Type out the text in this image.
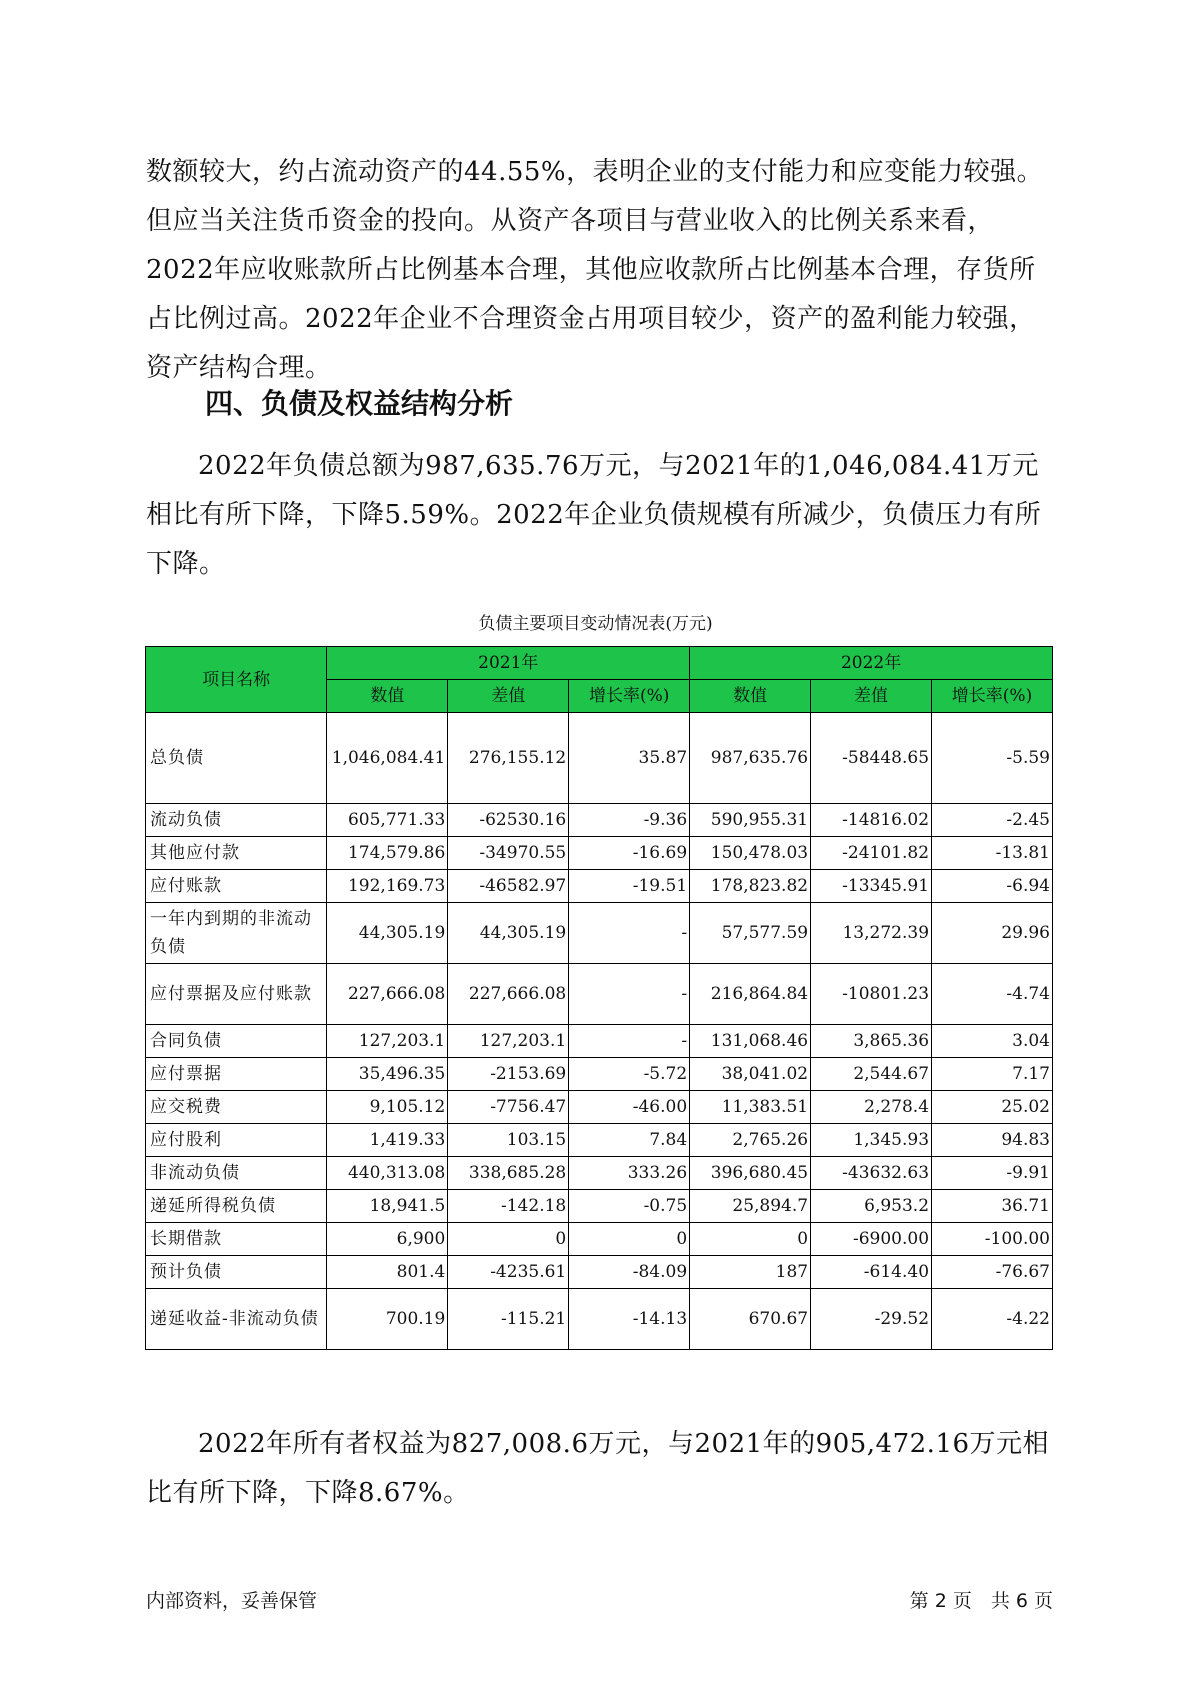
数额较大，约占流动资产的44.55%，表明企业的支付能力和应变能力较强。但应当关注货币资金的投向。从资产各项目与营业收入的比例关系来看，2022年应收账款所占比例基本合理，其他应收款所占比例基本合理，存货所占比例过高。2022年企业不合理资金占用项目较少，资产的盈利能力较强，资产结构合理。

四、负债及权益结构分析

2022年负债总额为987,635.76万元，与2021年的1,046,084.41万元相比有所下降，下降5.59%。2022年企业负债规模有所减少，负债压力有所下降。

负债主要项目变动情况表(万元)
项目名称	2021年			2022年		
	数值	差值	增长率(%)	数值	差值	增长率(%)
总负债	1,046,084.41	276,155.12	35.87	987,635.76	-58448.65	-5.59
流动负债	605,771.33	-62530.16	-9.36	590,955.31	-14816.02	-2.45
其他应付款	174,579.86	-34970.55	-16.69	150,478.03	-24101.82	-13.81
应付账款	192,169.73	-46582.97	-19.51	178,823.82	-13345.91	-6.94
一年内到期的非流动负债	44,305.19	44,305.19	-	57,577.59	13,272.39	29.96
应付票据及应付账款	227,666.08	227,666.08	-	216,864.84	-10801.23	-4.74
合同负债	127,203.1	127,203.1	-	131,068.46	3,865.36	3.04
应付票据	35,496.35	-2153.69	-5.72	38,041.02	2,544.67	7.17
应交税费	9,105.12	-7756.47	-46.00	11,383.51	2,278.4	25.02
应付股利	1,419.33	103.15	7.84	2,765.26	1,345.93	94.83
非流动负债	440,313.08	338,685.28	333.26	396,680.45	-43632.63	-9.91
递延所得税负债	18,941.5	-142.18	-0.75	25,894.7	6,953.2	36.71
长期借款	6,900	0	0	0	-6900.00	-100.00
预计负债	801.4	-4235.61	-84.09	187	-614.40	-76.67
递延收益-非流动负债	700.19	-115.21	-14.13	670.67	-29.52	-4.22

2022年所有者权益为827,008.6万元，与2021年的905,472.16万元相比有所下降，下降8.67%。

内部资料，妥善保管	第 2 页　共 6 页
